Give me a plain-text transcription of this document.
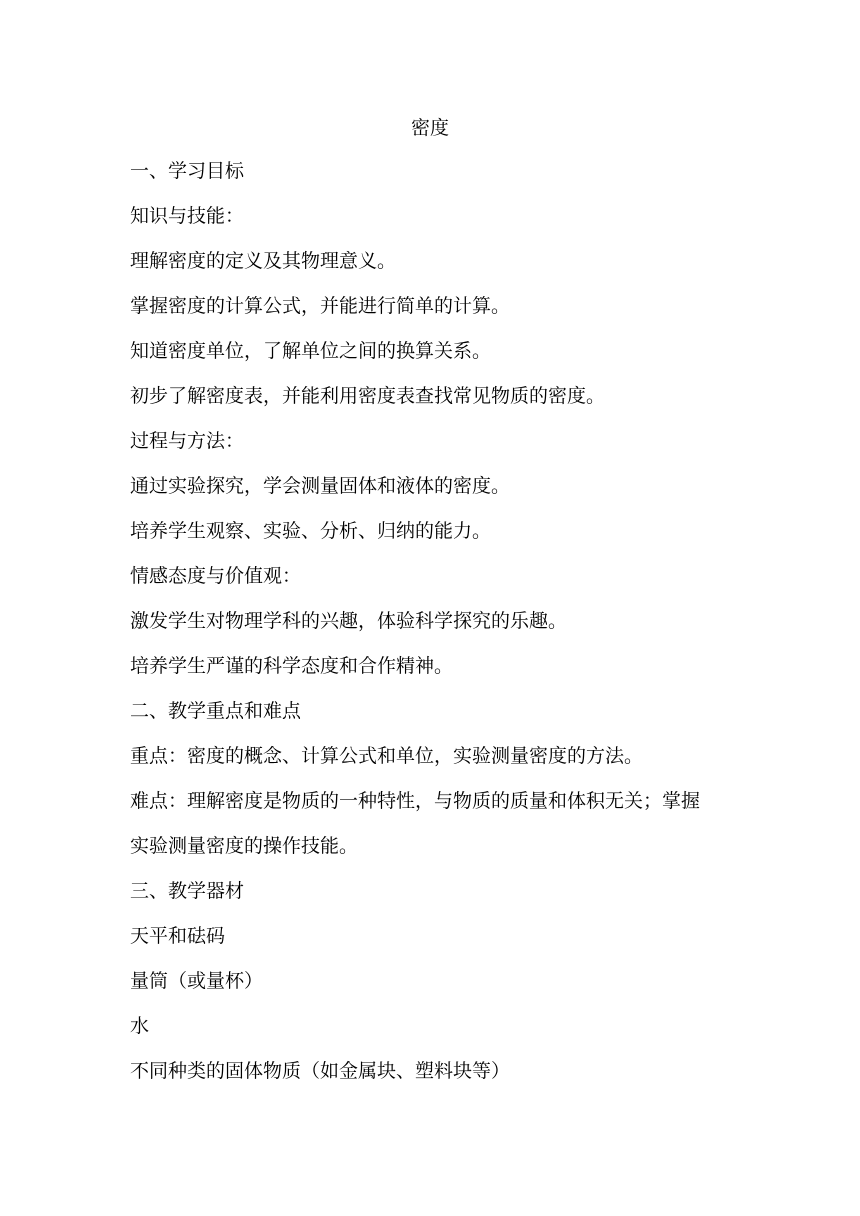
密度
一、学习目标
知识与技能：
理解密度的定义及其物理意义。
掌握密度的计算公式，并能进行简单的计算。
知道密度单位，了解单位之间的换算关系。
初步了解密度表，并能利用密度表查找常见物质的密度。
过程与方法：
通过实验探究，学会测量固体和液体的密度。
培养学生观察、实验、分析、归纳的能力。
情感态度与价值观：
激发学生对物理学科的兴趣，体验科学探究的乐趣。
培养学生严谨的科学态度和合作精神。
二、教学重点和难点
重点：密度的概念、计算公式和单位，实验测量密度的方法。
难点：理解密度是物质的一种特性，与物质的质量和体积无关；掌握
实验测量密度的操作技能。
三、教学器材
天平和砝码
量筒（或量杯）
水
不同种类的固体物质（如金属块、塑料块等）
